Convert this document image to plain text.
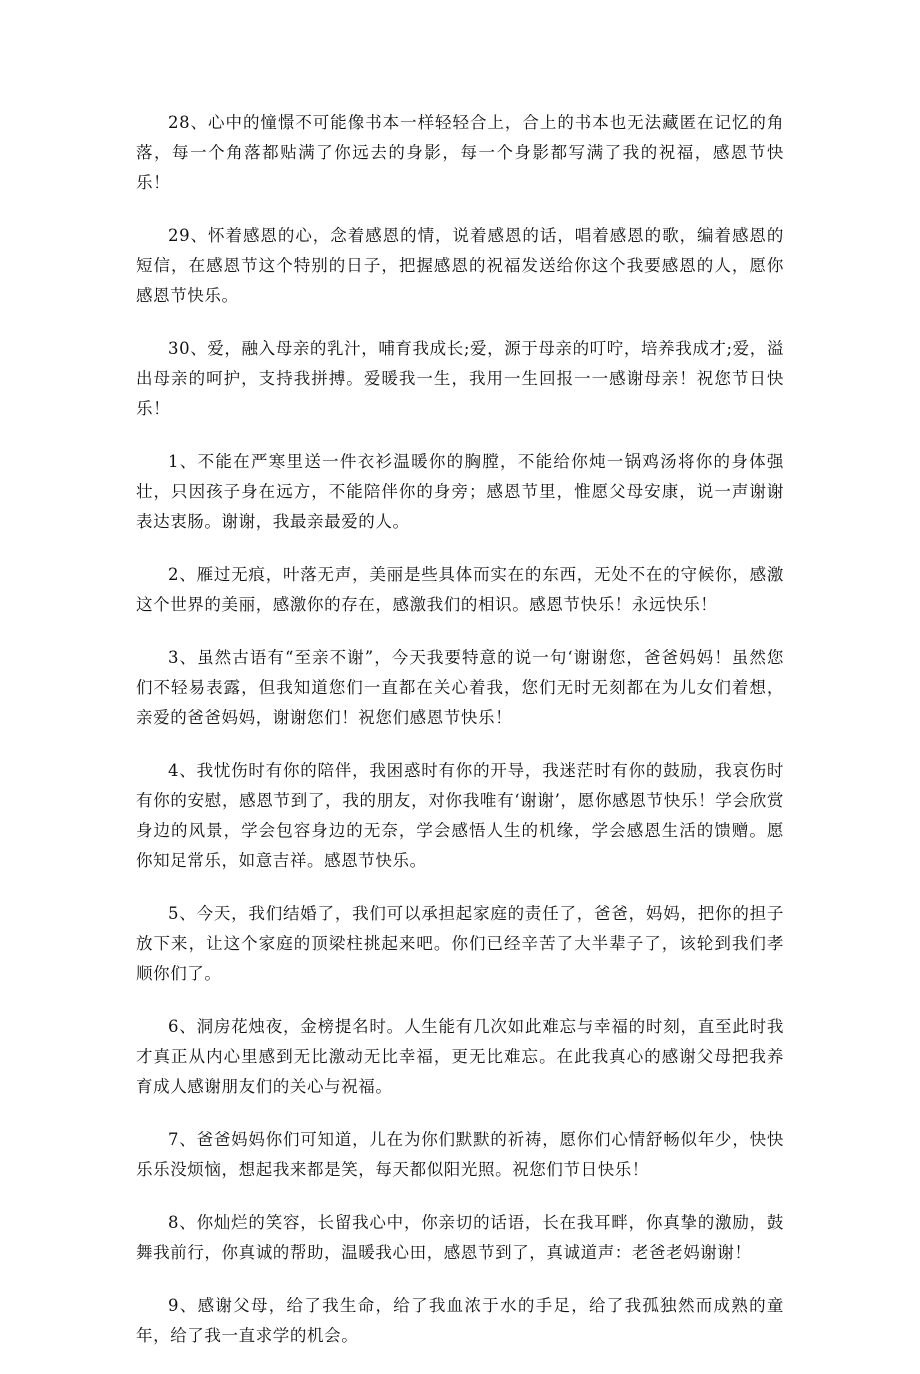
28、心中的憧憬不可能像书本一样轻轻合上，合上的书本也无法藏匿在记忆的角落，每一个角落都贴满了你远去的身影，每一个身影都写满了我的祝福，感恩节快乐！

29、怀着感恩的心，念着感恩的情，说着感恩的话，唱着感恩的歌，编着感恩的短信，在感恩节这个特别的日子，把握感恩的祝福发送给你这个我要感恩的人，愿你感恩节快乐。

30、爱，融入母亲的乳汁，哺育我成长;爱，源于母亲的叮咛，培养我成才;爱，溢出母亲的呵护，支持我拼搏。爱暖我一生，我用一生回报一一感谢母亲！祝您节日快乐！

1、不能在严寒里送一件衣衫温暖你的胸膛，不能给你炖一锅鸡汤将你的身体强壮，只因孩子身在远方，不能陪伴你的身旁；感恩节里，惟愿父母安康，说一声谢谢表达衷肠。谢谢，我最亲最爱的人。

2、雁过无痕，叶落无声，美丽是些具体而实在的东西，无处不在的守候你，感激这个世界的美丽，感激你的存在，感激我们的相识。感恩节快乐！永远快乐！

3、虽然古语有“至亲不谢”，今天我要特意的说一句‘谢谢您，爸爸妈妈！虽然您们不轻易表露，但我知道您们一直都在关心着我，您们无时无刻都在为儿女们着想，亲爱的爸爸妈妈，谢谢您们！祝您们感恩节快乐！

4、我忧伤时有你的陪伴，我困惑时有你的开导，我迷茫时有你的鼓励，我哀伤时有你的安慰，感恩节到了，我的朋友，对你我唯有‘谢谢’，愿你感恩节快乐！学会欣赏身边的风景，学会包容身边的无奈，学会感悟人生的机缘，学会感恩生活的馈赠。愿你知足常乐，如意吉祥。感恩节快乐。

5、今天，我们结婚了，我们可以承担起家庭的责任了，爸爸，妈妈，把你的担子放下来，让这个家庭的顶梁柱挑起来吧。你们已经辛苦了大半辈子了，该轮到我们孝顺你们了。

6、洞房花烛夜，金榜提名时。人生能有几次如此难忘与幸福的时刻，直至此时我才真正从内心里感到无比激动无比幸福，更无比难忘。在此我真心的感谢父母把我养育成人感谢朋友们的关心与祝福。

7、爸爸妈妈你们可知道，儿在为你们默默的祈祷，愿你们心情舒畅似年少，快快乐乐没烦恼，想起我来都是笑，每天都似阳光照。祝您们节日快乐！

8、你灿烂的笑容，长留我心中，你亲切的话语，长在我耳畔，你真挚的激励，鼓舞我前行，你真诚的帮助，温暖我心田，感恩节到了，真诚道声：老爸老妈谢谢！

9、感谢父母，给了我生命，给了我血浓于水的手足，给了我孤独然而成熟的童年，给了我一直求学的机会。
